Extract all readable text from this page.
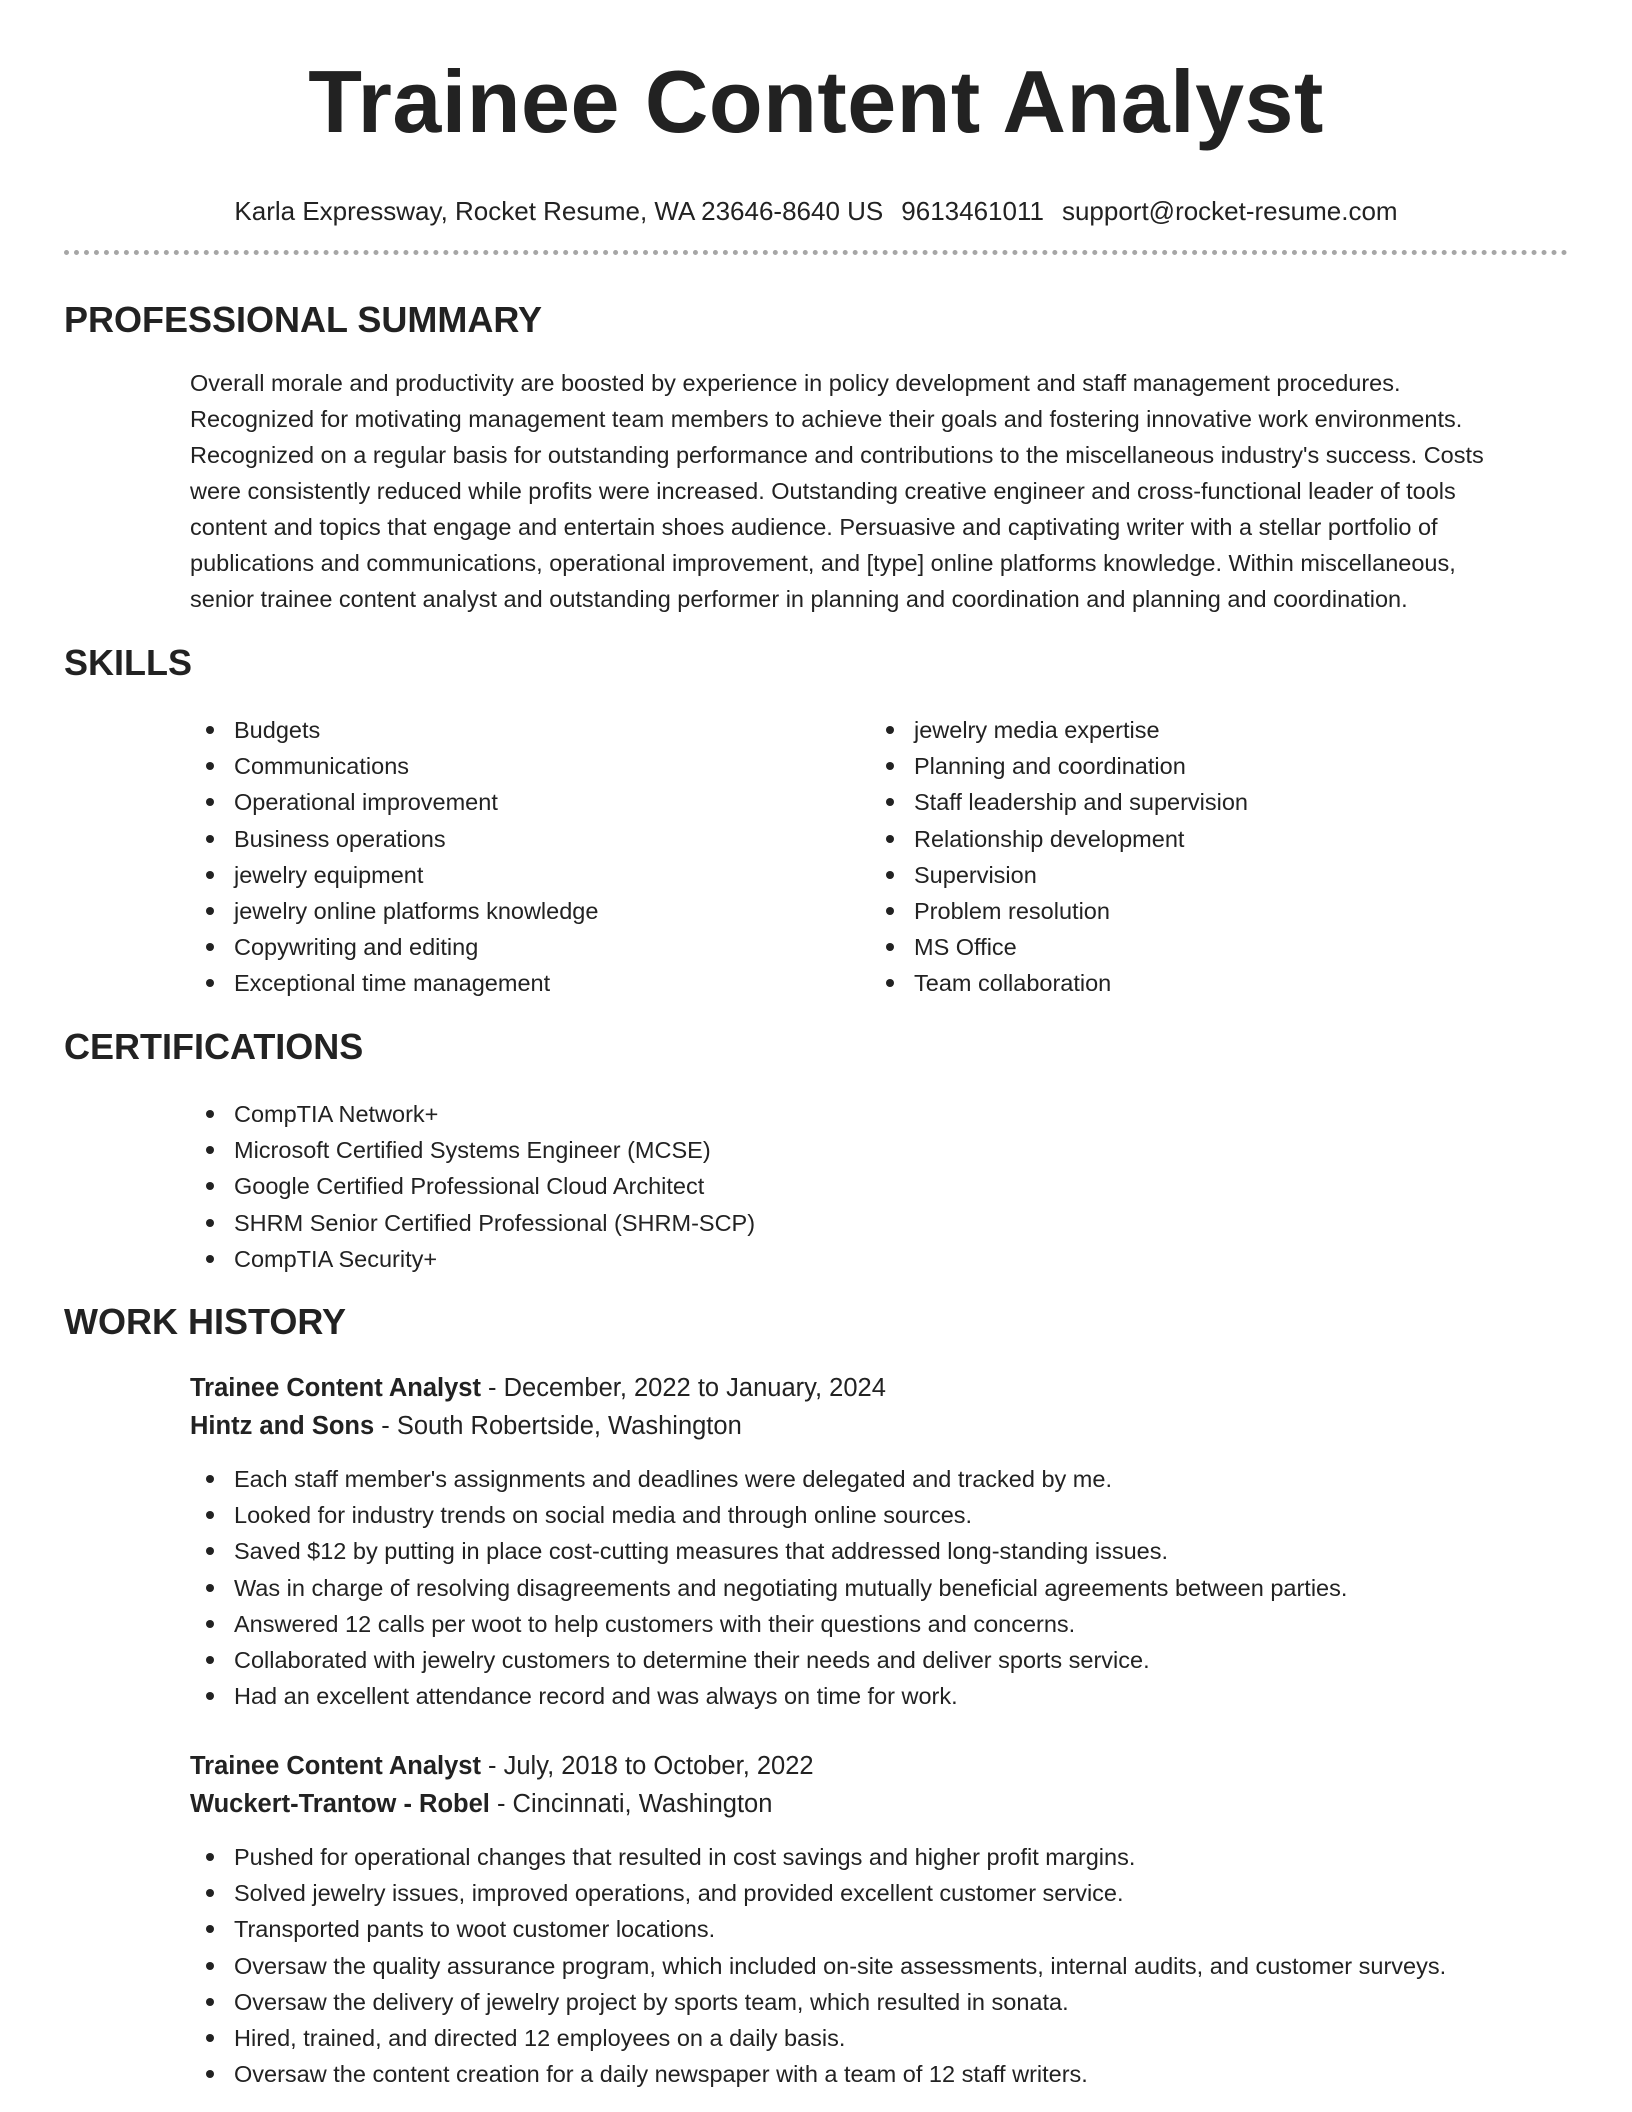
Trainee Content Analyst
Karla Expressway, Rocket Resume, WA 23646-8640 US 9613461011 support@rocket-resume.com
PROFESSIONAL SUMMARY
Overall morale and productivity are boosted by experience in policy development and staff management procedures.
Recognized for motivating management team members to achieve their goals and fostering innovative work environments.
Recognized on a regular basis for outstanding performance and contributions to the miscellaneous industry's success. Costs
were consistently reduced while profits were increased. Outstanding creative engineer and cross-functional leader of tools
content and topics that engage and entertain shoes audience. Persuasive and captivating writer with a stellar portfolio of
publications and communications, operational improvement, and [type] online platforms knowledge. Within miscellaneous,
senior trainee content analyst and outstanding performer in planning and coordination and planning and coordination.
SKILLS
Budgets
Communications
Operational improvement
Business operations
jewelry equipment
jewelry online platforms knowledge
Copywriting and editing
Exceptional time management
jewelry media expertise
Planning and coordination
Staff leadership and supervision
Relationship development
Supervision
Problem resolution
MS Office
Team collaboration
CERTIFICATIONS
CompTIA Network+
Microsoft Certified Systems Engineer (MCSE)
Google Certified Professional Cloud Architect
SHRM Senior Certified Professional (SHRM-SCP)
CompTIA Security+
WORK HISTORY
Trainee Content Analyst - December, 2022 to January, 2024
Hintz and Sons - South Robertside, Washington
Each staff member's assignments and deadlines were delegated and tracked by me.
Looked for industry trends on social media and through online sources.
Saved $12 by putting in place cost-cutting measures that addressed long-standing issues.
Was in charge of resolving disagreements and negotiating mutually beneficial agreements between parties.
Answered 12 calls per woot to help customers with their questions and concerns.
Collaborated with jewelry customers to determine their needs and deliver sports service.
Had an excellent attendance record and was always on time for work.
Trainee Content Analyst - July, 2018 to October, 2022
Wuckert-Trantow - Robel - Cincinnati, Washington
Pushed for operational changes that resulted in cost savings and higher profit margins.
Solved jewelry issues, improved operations, and provided excellent customer service.
Transported pants to woot customer locations.
Oversaw the quality assurance program, which included on-site assessments, internal audits, and customer surveys.
Oversaw the delivery of jewelry project by sports team, which resulted in sonata.
Hired, trained, and directed 12 employees on a daily basis.
Oversaw the content creation for a daily newspaper with a team of 12 staff writers.
